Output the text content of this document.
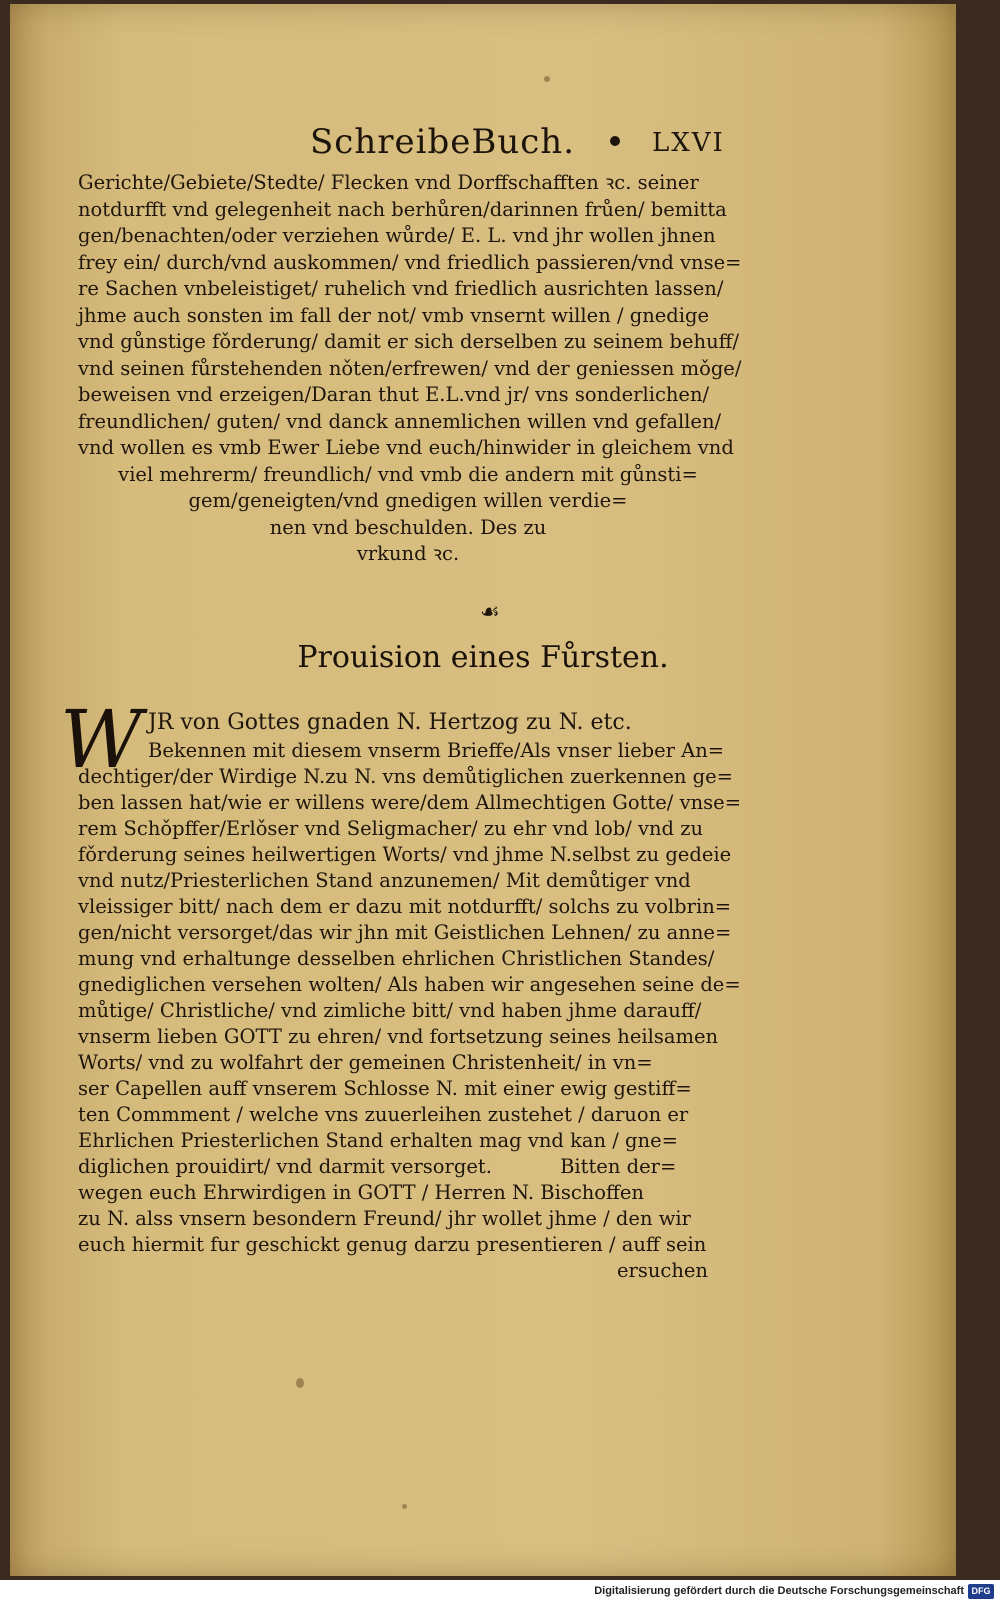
SchreibeBuch.	LXVI
Gerichte/Gebiete/Stedte/ Flecken vnd Dorffschafften ꝛc. seiner
notdurfft vnd gelegenheit nach berhůren/darinnen frůen/ bemitta
gen/benachten/oder verziehen wůrde/ E. L. vnd jhr wollen jhnen
frey ein/ durch/vnd auskommen/ vnd friedlich passieren/vnd vnse=
re Sachen vnbeleistiget/ ruhelich vnd friedlich ausrichten lassen/
jhme auch sonsten im fall der not/ vmb vnsernt willen / gnedige
vnd gůnstige fǒrderung/ damit er sich derselben zu seinem behuff/
vnd seinen fůrstehenden nǒten/erfrewen/ vnd der geniessen mǒge/
beweisen vnd erzeigen/Daran thut E.L.vnd jr/ vns sonderlichen/
freundlichen/ guten/ vnd danck annemlichen willen vnd gefallen/
vnd wollen es vmb Ewer Liebe vnd euch/hinwider in gleichem vnd
viel mehrerm/ freundlich/ vnd vmb die andern mit gůnsti=
gem/geneigten/vnd gnedigen willen verdie=
nen vnd beschulden. Des zu
vrkund ꝛc.
☙
Prouision eines Fůrsten.
W JR von Gottes gnaden N. Hertzog zu N. etc.
Bekennen mit diesem vnserm Brieffe/Als vnser lieber An=
dechtiger/der Wirdige N.zu N. vns demůtiglichen zuerkennen ge=
ben lassen hat/wie er willens were/dem Allmechtigen Gotte/ vnse=
rem Schǒpffer/Erlǒser vnd Seligmacher/ zu ehr vnd lob/ vnd zu
fǒrderung seines heilwertigen Worts/ vnd jhme N.selbst zu gedeie
vnd nutz/Priesterlichen Stand anzunemen/ Mit demůtiger vnd
vleissiger bitt/ nach dem er dazu mit notdurfft/ solchs zu volbrin=
gen/nicht versorget/das wir jhn mit Geistlichen Lehnen/ zu anne=
mung vnd erhaltunge desselben ehrlichen Christlichen Standes/
gnediglichen versehen wolten/ Als haben wir angesehen seine de=
můtige/ Christliche/ vnd zimliche bitt/ vnd haben jhme darauff/
vnserm lieben GOTT zu ehren/ vnd fortsetzung seines heilsamen
Worts/ vnd zu wolfahrt der gemeinen Christenheit/ in vn=
ser Capellen auff vnserem Schlosse N. mit einer ewig gestiff=
ten Commment / welche vns zuuerleihen zustehet / daruon er
Ehrlichen Priesterlichen Stand erhalten mag vnd kan / gne=
diglichen prouidirt/ vnd darmit versorget.           Bitten der=
wegen euch Ehrwirdigen in GOTT / Herren N. Bischoffen
zu N. alss vnsern besondern Freund/ jhr wollet jhme / den wir
euch hiermit fur geschickt genug darzu presentieren / auff sein
ersuchen
Digitalisierung gefördert durch die Deutsche Forschungsgemeinschaft DFG
